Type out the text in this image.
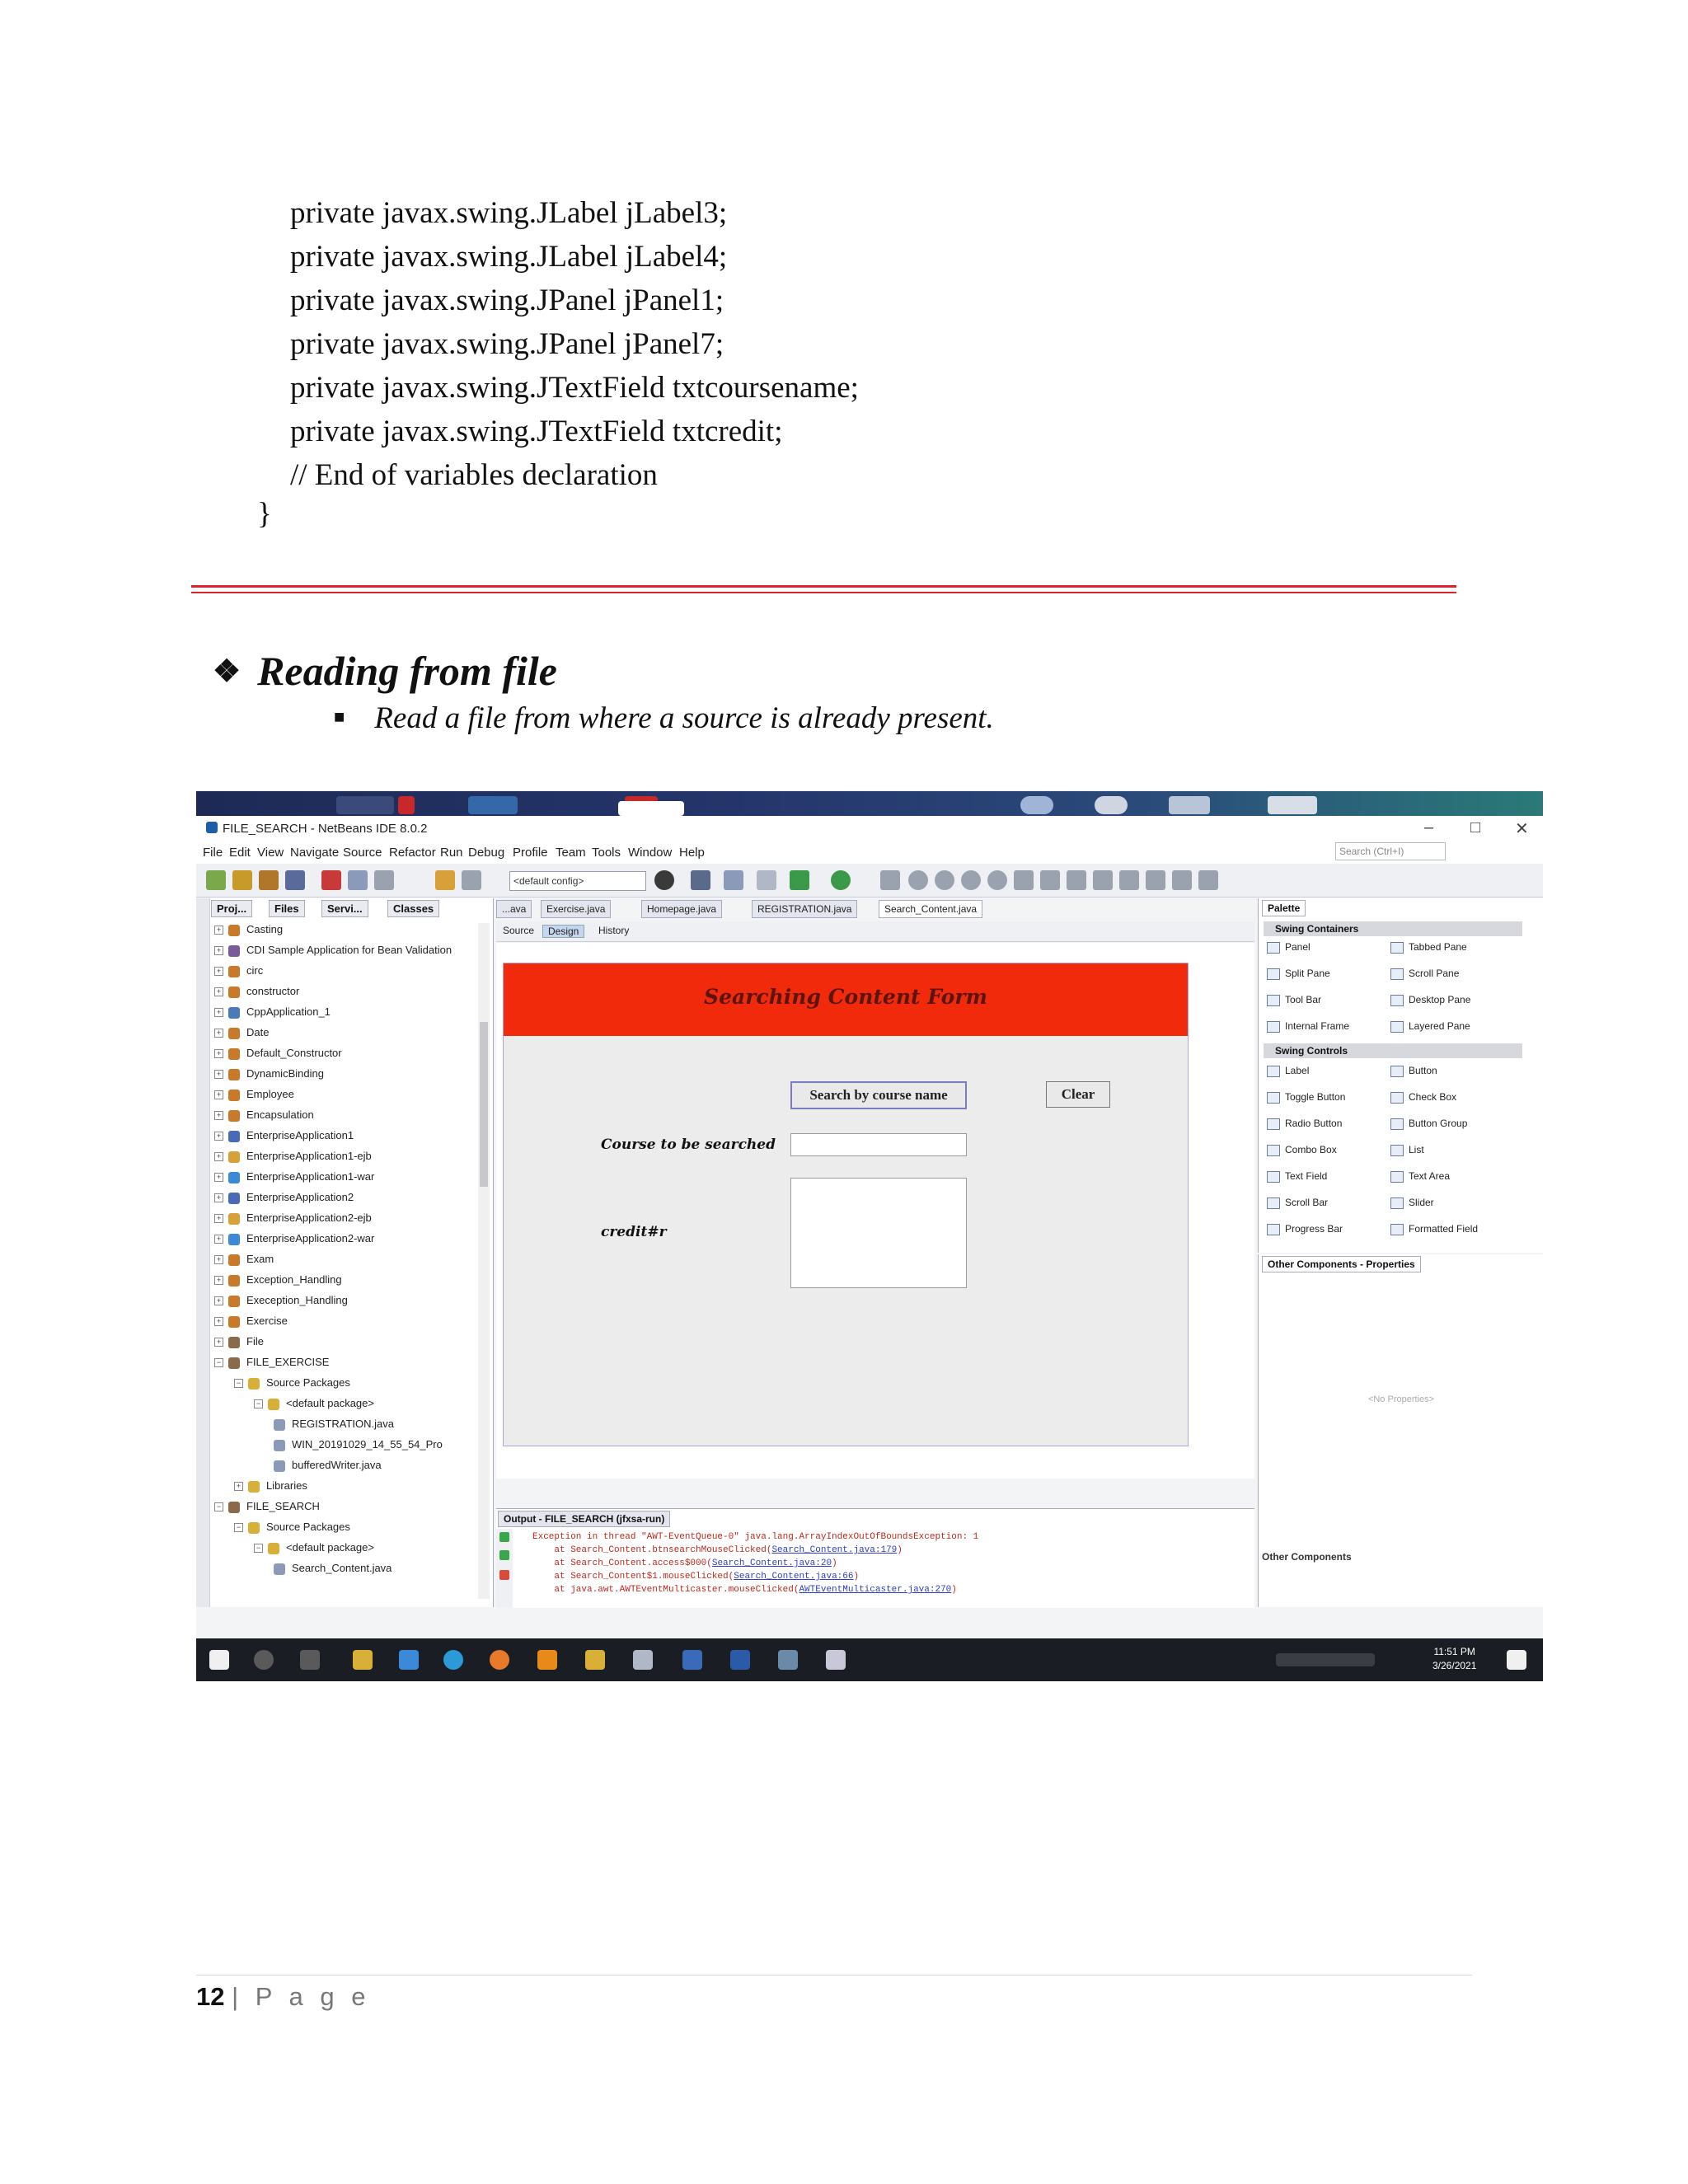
private javax.swing.JLabel jLabel3;
private javax.swing.JLabel jLabel4;
private javax.swing.JPanel jPanel1;
private javax.swing.JPanel jPanel7;
private javax.swing.JTextField txtcoursename;
private javax.swing.JTextField txtcredit;
// End of variables declaration
}
❖ Reading from file
■ Read a file from where a source is already present.
FILE_SEARCH - NetBeans IDE 8.0.2	– □ ✕
File Edit View Navigate Source Refactor Run Debug Profile Team Tools Window Help	Search (Ctrl+I)
<default config>
Proj...	Files	Servi...	Classes
+ Casting
+ CDI Sample Application for Bean Validation
+ circ
+ constructor
+ CppApplication_1
+ Date
+ Default_Constructor
+ DynamicBinding
+ Employee
+ Encapsulation
+ EnterpriseApplication1
+ EnterpriseApplication1-ejb
+ EnterpriseApplication1-war
+ EnterpriseApplication2
+ EnterpriseApplication2-ejb
+ EnterpriseApplication2-war
+ Exam
+ Exception_Handling
+ Exeception_Handling
+ Exercise
+ File
− FILE_EXERCISE
− Source Packages
− <default package>
REGISTRATION.java
WIN_20191029_14_55_54_Pro
bufferedWriter.java
+ Libraries
− FILE_SEARCH
− Source Packages
− <default package>
Search_Content.java
...ava	Exercise.java	Homepage.java	REGISTRATION.java	Search_Content.java
Source	Design	History
Searching Content Form
Search by course name	Clear
Course to be searched
credit#r
Output - FILE_SEARCH (jfxsa-run)
Exception in thread "AWT-EventQueue-0" java.lang.ArrayIndexOutOfBoundsException: 1
at Search_Content.btnsearchMouseClicked(Search_Content.java:179)
at Search_Content.access$000(Search_Content.java:20)
at Search_Content$1.mouseClicked(Search_Content.java:66)
at java.awt.AWTEventMulticaster.mouseClicked(AWTEventMulticaster.java:270)
Palette
Swing Containers
Panel	Tabbed Pane
Split Pane	Scroll Pane
Tool Bar	Desktop Pane
Internal Frame	Layered Pane
Swing Controls
Label	Button
Toggle Button	Check Box
Radio Button	Button Group
Combo Box	List
Text Field	Text Area
Scroll Bar	Slider
Progress Bar	Formatted Field
Other Components - Properties
<No Properties>
Other Components
11:51 PM
3/26/2021
12 | P a g e
